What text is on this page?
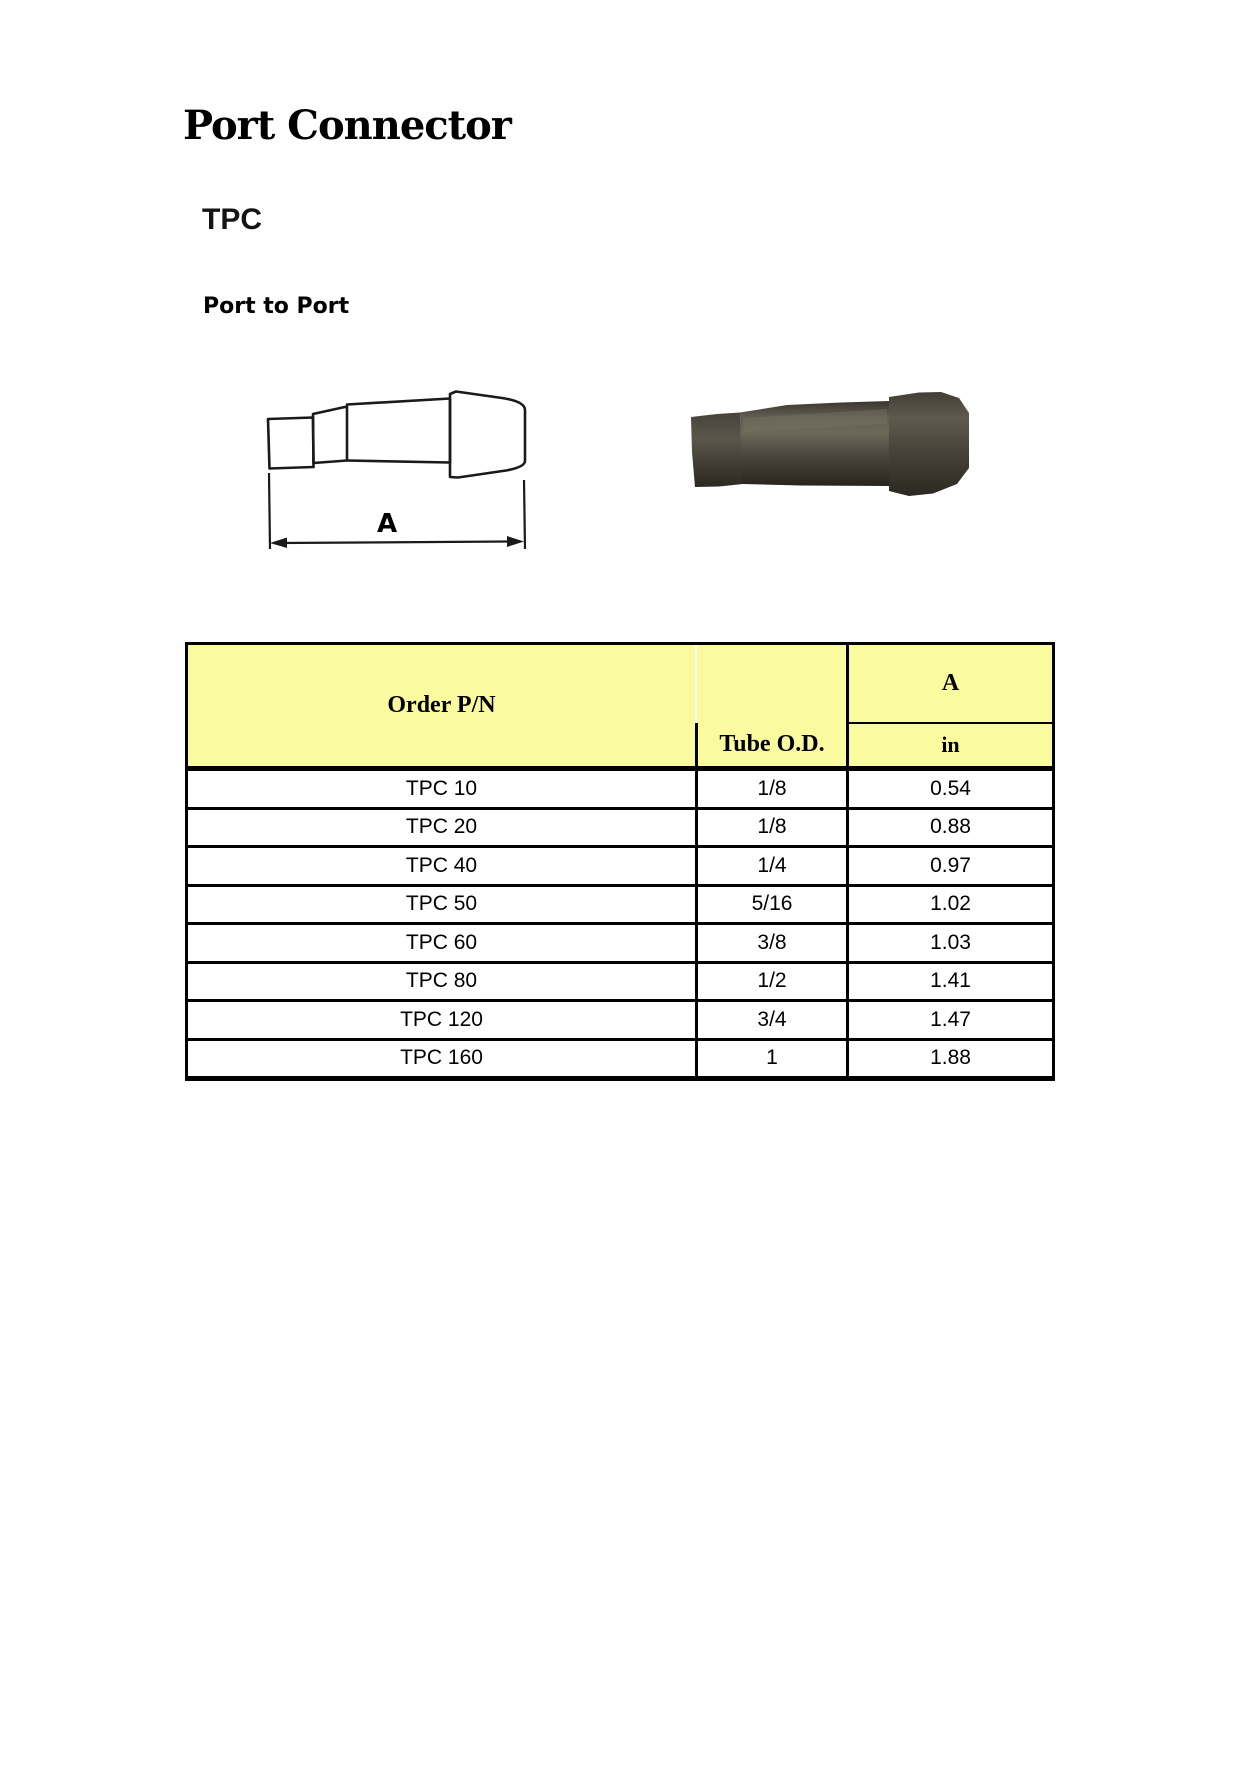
Port Connector
TPC
Port to Port
A
Order P/N		A
	Tube O.D.	in
TPC 10	1/8	0.54
TPC 20	1/8	0.88
TPC 40	1/4	0.97
TPC 50	5/16	1.02
TPC 60	3/8	1.03
TPC 80	1/2	1.41
TPC 120	3/4	1.47
TPC 160	1	1.88
